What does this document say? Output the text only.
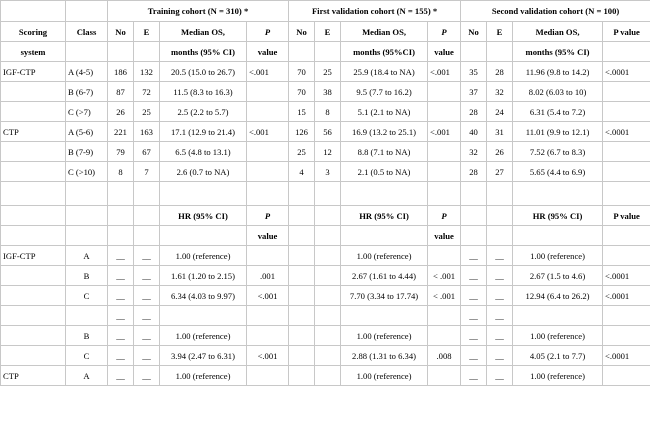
		Training cohort (N = 310) *				First validation cohort (N = 155) *				Second validation cohort (N = 100)			
Scoring	Class	No	E	Median OS,	P	No	E	Median OS,	P	No	E	Median OS,	P value
system				months (95% CI)	value			months (95%CI)	value			months (95% CI)	
IGF-CTP	A (4-5)	186	132	20.5 (15.0 to 26.7)	<.001	70	25	25.9 (18.4 to NA)	<.001	35	28	11.96 (9.8 to 14.2)	<.0001
	B (6-7)	87	72	11.5 (8.3 to 16.3)		70	38	9.5 (7.7 to 16.2)		37	32	8.02 (6.03 to 10)	
	C (>7)	26	25	2.5 (2.2 to 5.7)		15	8	5.1 (2.1 to NA)		28	24	6.31 (5.4 to 7.2)	
CTP	A (5-6)	221	163	17.1 (12.9 to 21.4)	<.001	126	56	16.9 (13.2 to 25.1)	<.001	40	31	11.01 (9.9 to 12.1)	<.0001
	B (7-9)	79	67	6.5 (4.8 to 13.1)		25	12	8.8 (7.1 to NA)		32	26	7.52 (6.7 to 8.3)	
	C (>10)	8	7	2.6 (0.7 to NA)		4	3	2.1 (0.5 to NA)		28	27	5.65 (4.4 to 6.9)	

				HR (95% CI)	P			HR (95% CI)	P			HR (95% CI)	P value
					value				value				
IGF-CTP	A	__	__	1.00 (reference)				1.00 (reference)		__	__	1.00 (reference)	
	B	__	__	1.61 (1.20 to 2.15)	.001			2.67 (1.61 to 4.44)	< .001	__	__	2.67 (1.5 to 4.6)	<.0001
	C	__	__	6.34 (4.03 to 9.97)	<.001			7.70 (3.34 to 17.74)	< .001	__	__	12.94 (6.4 to 26.2)	<.0001
		__	__							__	__		
	B	__	__	1.00 (reference)				1.00 (reference)		__	__	1.00 (reference)	
	C	__	__	3.94 (2.47 to 6.31)	<.001			2.88 (1.31 to 6.34)	.008	__	__	4.05 (2.1 to 7.7)	<.0001
CTP	A	__	__	1.00 (reference)				1.00 (reference)		__	__	1.00 (reference)	
